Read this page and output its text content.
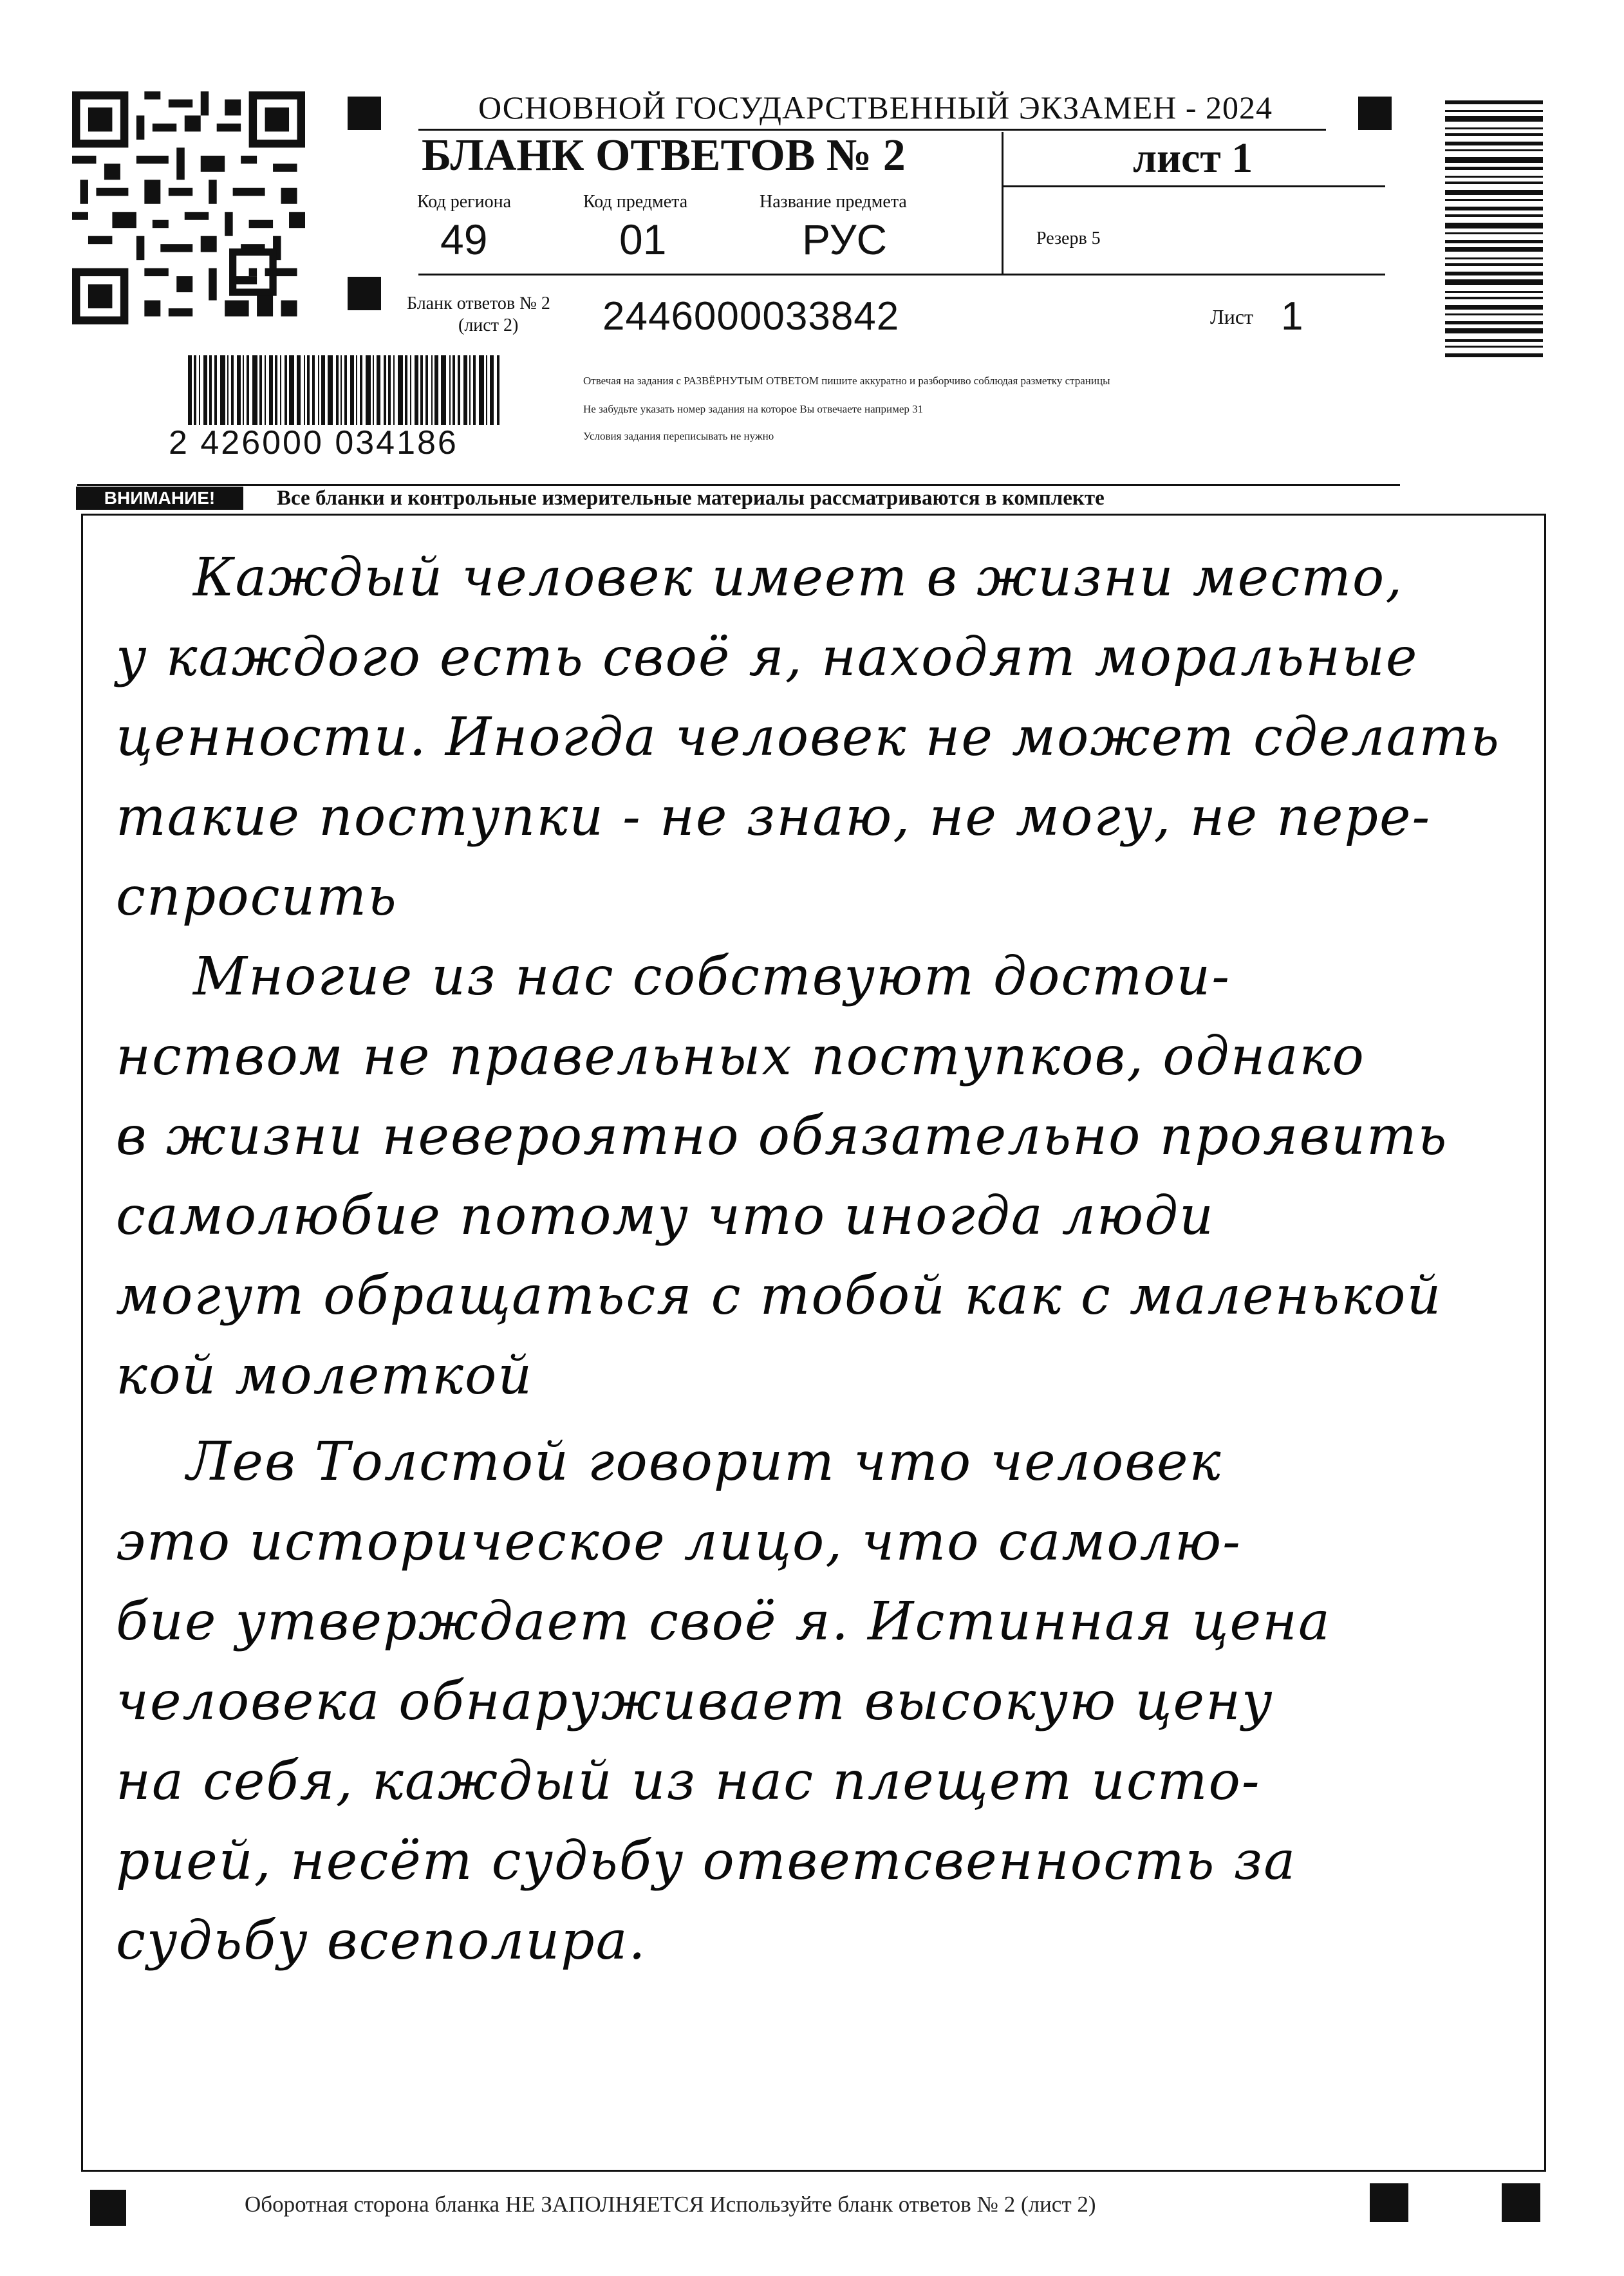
ОСНОВНОЙ ГОСУДАРСТВЕННЫЙ ЭКЗАМЕН - 2024
БЛАНК ОТВЕТОВ № 2	лист 1
Код региона
49
Код предмета
01
Название предмета
РУС	Резерв 5
Бланк ответов № 2
(лист 2) 2446000033842	Лист 1
Отвечая на задания с РАЗВЁРНУТЫМ ОТВЕТОМ пишите аккуратно и разборчиво соблюдая разметку страницы
Не забудьте указать номер задания на которое Вы отвечаете например 31
Условия задания переписывать не нужно
2 426000 034186
ВНИМАНИЕ!	Все бланки и контрольные измерительные материалы рассматриваются в комплекте
Каждый человек имеет в жизни место,
у каждого есть своё я, находят моральные
ценности. Иногда человек не может сделать
такие поступки - не знаю, не могу, не пере-
спросить
Многие из нас собствуют достои-
нством не правельных поступков, однако
в жизни невероятно обязательно проявить
самолюбие потому что иногда люди
могут обращаться с тобой как с маленькой
кой молеткой
Лев Толстой говорит что человек
это историческое лицо, что самолю-
бие утверждает своё я. Истинная цена
человека обнаруживает высокую цену
на себя, каждый из нас плещет исто-
рией, несёт судьбу ответсвенность за
судьбу всеполира.
Оборотная сторона бланка НЕ ЗАПОЛНЯЕТСЯ Используйте бланк ответов № 2 (лист 2)
